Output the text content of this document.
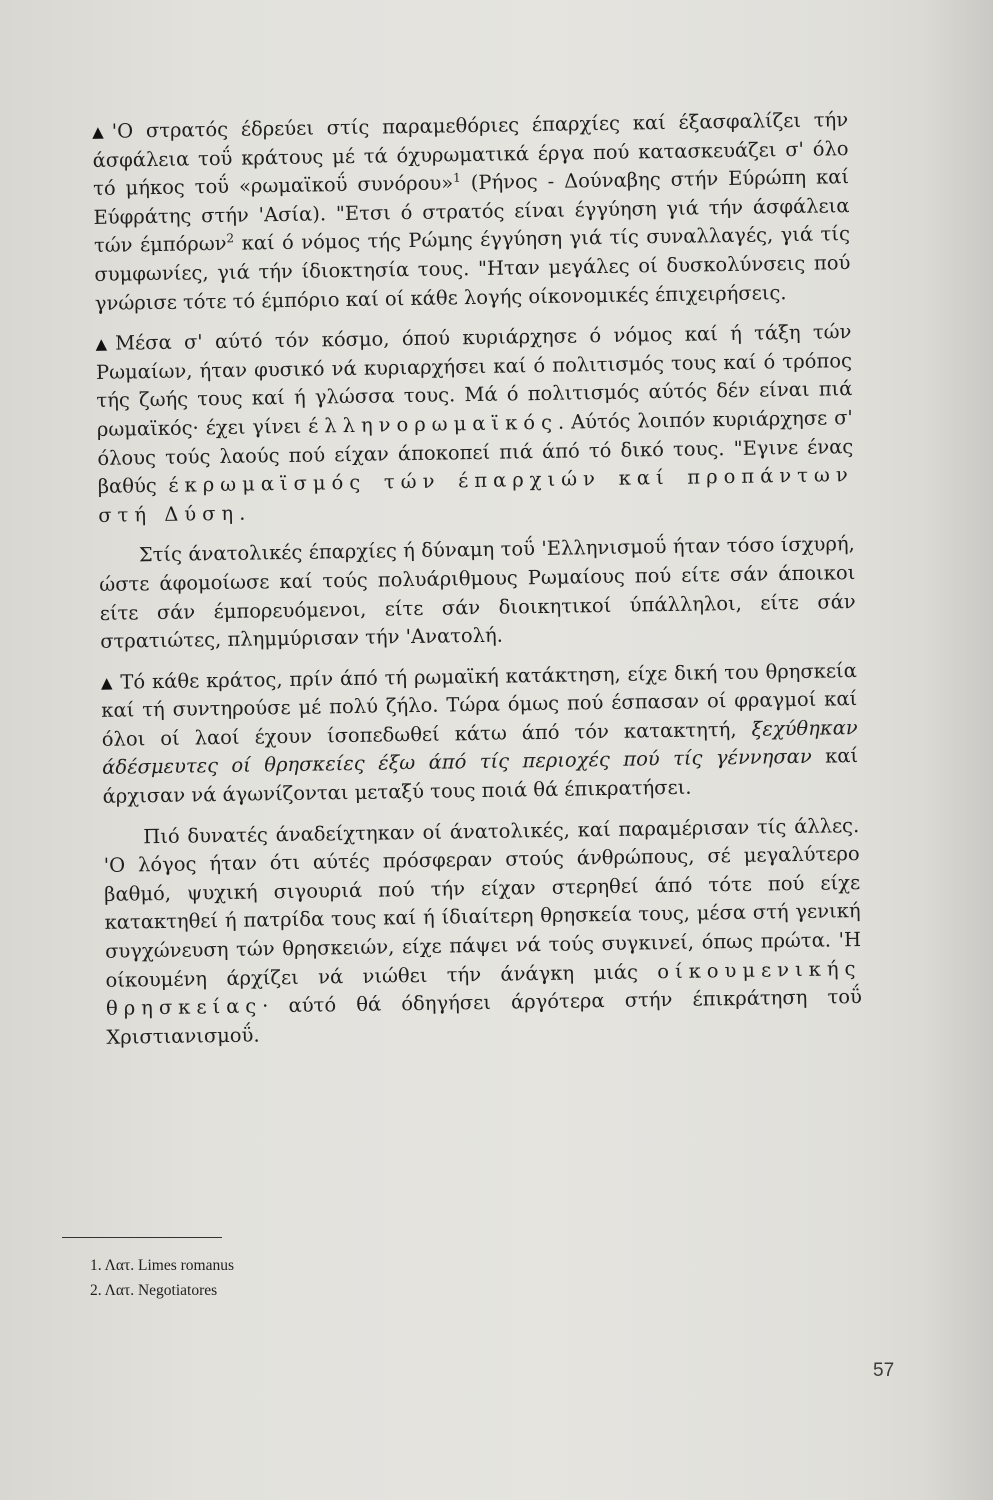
▲ 'Ο στρατός έδρεύει στίς παραμεθόριες έπαρχίες καί έξασφαλίζει τήν άσφάλεια τοΰ κράτους μέ τά όχυρωματικά έργα πού κατασκευάζει σ' όλο τό μήκος τοΰ «ρωμαϊκοΰ συνόρου»$^1$ (Ρήνος - Δούναβης στήν Εύρώπη καί Εύφράτης στήν 'Ασία). "Ετσι ό στρατός είναι έγγύηση γιά τήν άσφάλεια τών έμπόρων$^2$ καί ό νόμος τής Ρώμης έγγύηση γιά τίς συναλλαγές, γιά τίς συμφωνίες, γιά τήν ίδιοκτησία τους. "Ηταν μεγάλες οί δυσκολύνσεις πού γνώρισε τότε τό έμπόριο καί οί κάθε λογής οίκονομικές έπιχειρήσεις.

▲ Μέσα σ' αύτό τόν κόσμο, όπού κυριάρχησε ό νόμος καί ή τάξη τών Ρωμαίων, ήταν φυσικό νά κυριαρχήσει καί ό πολιτισμός τους καί ό τρόπος τής ζωής τους καί ή γλώσσα τους. Μά ό πολιτισμός αύτός δέν είναι πιά ρωμαϊκός· έχει γίνει έλληνορωμαϊκός. Αύτός λοιπόν κυριάρχησε σ' όλους τούς λαούς πού είχαν άποκοπεί πιά άπό τό δικό τους. "Εγινε ένας βαθύς έκρωμαϊσμός τών έπαρχιών καί προπάντων στή Δύση.

Στίς άνατολικές έπαρχίες ή δύναμη τοΰ 'Ελληνισμοΰ ήταν τόσο ίσχυρή, ώστε άφομοίωσε καί τούς πολυάριθμους Ρωμαίους πού είτε σάν άποικοι είτε σάν έμπορευόμενοι, είτε σάν διοικητικοί ύπάλληλοι, είτε σάν στρατιώτες, πλημμύρισαν τήν 'Ανατολή.

▲ Τό κάθε κράτος, πρίν άπό τή ρωμαϊκή κατάκτηση, είχε δική του θρησκεία καί τή συντηρούσε μέ πολύ ζήλο. Τώρα όμως πού έσπασαν οί φραγμοί καί όλοι οί λαοί έχουν ίσοπεδωθεί κάτω άπό τόν κατακτητή, ξεχύθηκαν άδέσμευτες οί θρησκείες έξω άπό τίς περιοχές πού τίς γέννησαν καί άρχισαν νά άγωνίζονται μεταξύ τους ποιά θά έπικρατήσει.

Πιό δυνατές άναδείχτηκαν οί άνατολικές, καί παραμέρισαν τίς άλλες. 'Ο λόγος ήταν ότι αύτές πρόσφεραν στούς άνθρώπους, σέ μεγαλύτερο βαθμό, ψυχική σιγουριά πού τήν είχαν στερηθεί άπό τότε πού είχε κατακτηθεί ή πατρίδα τους καί ή ίδιαίτερη θρησκεία τους, μέσα στή γενική συγχώνευση τών θρησκειών, είχε πάψει νά τούς συγκινεί, όπως πρώτα. 'Η οίκουμένη άρχίζει νά νιώθει τήν άνάγκη μιάς οίκουμενικής θρησκείας· αύτό θά όδηγήσει άργότερα στήν έπικράτηση τοΰ Χριστιανισμοΰ.

1. Λατ. Limes romanus
2. Λατ. Negotiatores
57
